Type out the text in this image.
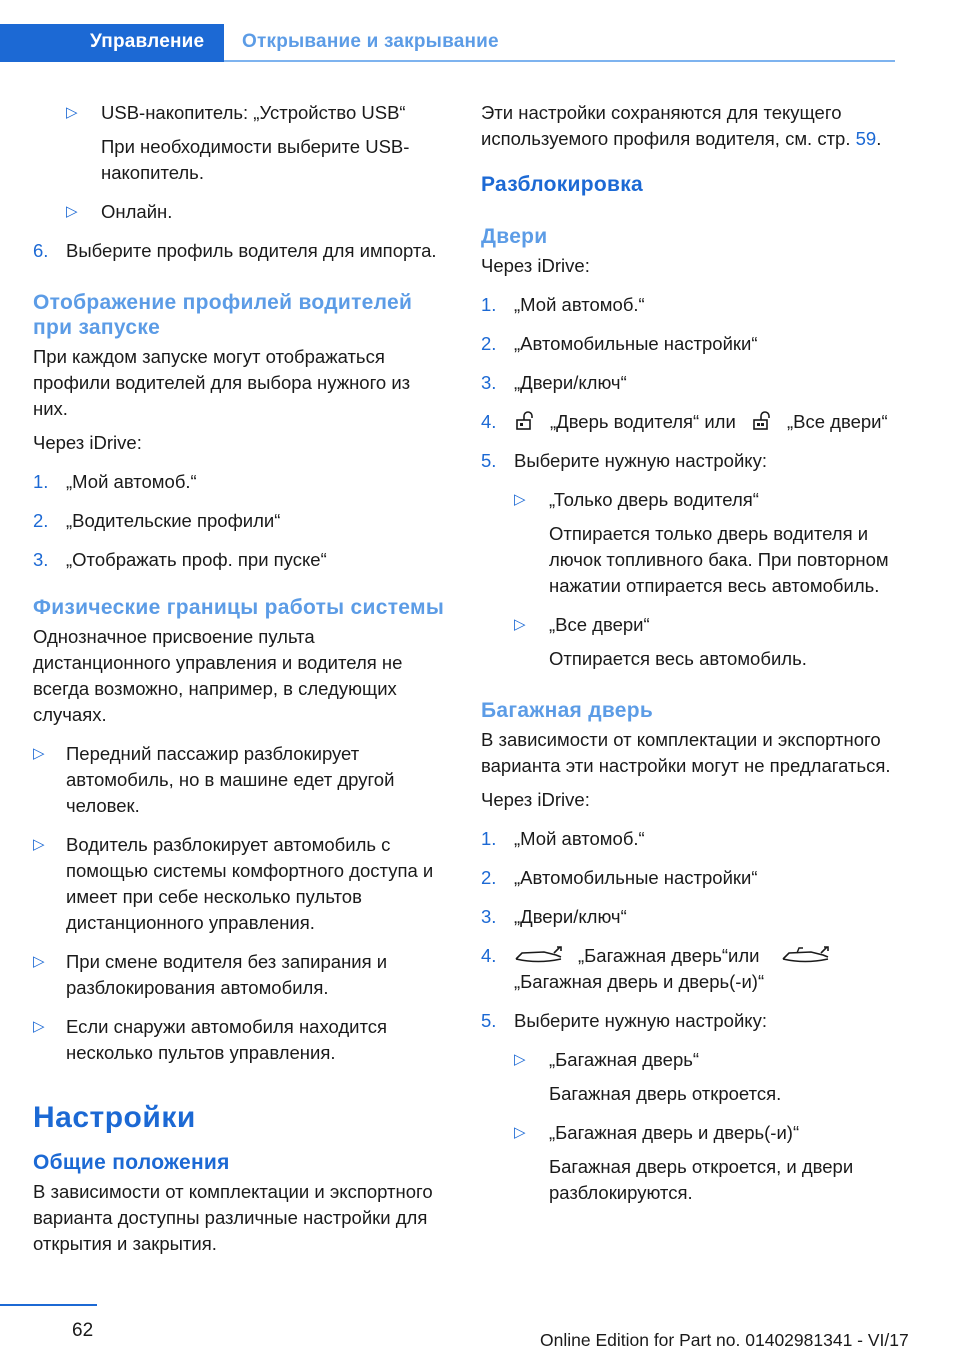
Управление	Открывание и закрывание
▷	USB-накопитель: „Устройство USB“

При необходимости выберите USB-накопитель.

▷	Онлайн.
6. Выберите профиль водителя для импорта.
Отображение профилей водителей при запуске

При каждом запуске могут отображаться профили водителей для выбора нужного из них.

Через iDrive:

1. „Мой автомоб.“
2. „Водительские профили“
3. „Отображать проф. при пуске“
Физические границы работы системы

Однозначное присвоение пульта дистанционного управления и водителя не всегда возможно, например, в следующих случаях.

▷	Передний пассажир разблокирует автомобиль, но в машине едет другой человек.
▷	Водитель разблокирует автомобиль с помощью системы комфортного доступа и имеет при себе несколько пультов дистанционного управления.
▷	При смене водителя без запирания и разблокирования автомобиля.
▷	Если снаружи автомобиля находится несколько пультов управления.
Настройки
Общие положения

В зависимости от комплектации и экспортного варианта доступны различные настройки для открытия и закрытия.

Эти настройки сохраняются для текущего используемого профиля водителя, см. стр. 59.

Разблокировка
Двери

Через iDrive:

1. „Мой автомоб.“
2. „Автомобильные настройки“
3. „Двери/ключ“
4.	„Дверь водителя“ или	„Все двери“
5. Выберите нужную настройку:
▷	„Только дверь водителя“

Отпирается только дверь водителя и лючок топливного бака. При повторном нажатии отпирается весь автомобиль.

▷	„Все двери“

Отпирается весь автомобиль.

Багажная дверь

В зависимости от комплектации и экспортного варианта эти настройки могут не предлагаться.

Через iDrive:

1. „Мой автомоб.“
2. „Автомобильные настройки“
3. „Двери/ключ“
4.	„Багажная дверь“или
„Багажная дверь и дверь(-и)“
5. Выберите нужную настройку:
▷	„Багажная дверь“

Багажная дверь откроется.

▷	„Багажная дверь и дверь(-и)“

Багажная дверь откроется, и двери разблокируются.

62	Online Edition for Part no. 01402981341 - VI/17
